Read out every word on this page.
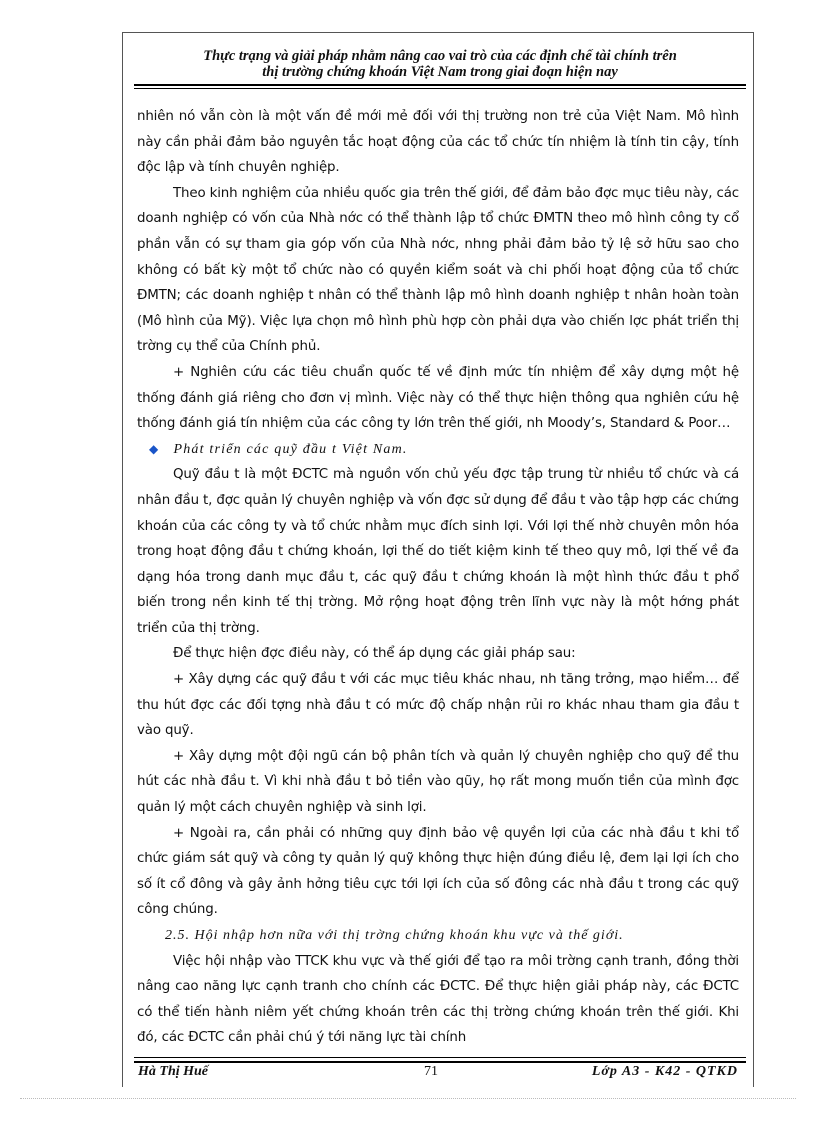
Thực trạng và giải pháp nhằm nâng cao vai trò của các định chế tài chính trên
thị trường chứng khoán Việt Nam trong giai đoạn hiện nay

nhiên nó vẫn còn là một vấn đề mới mẻ đối với thị trường non trẻ của Việt Nam. Mô hình này cần phải đảm bảo nguyên tắc hoạt động của các tổ chức tín nhiệm là tính tin cậy, tính độc lập và tính chuyên nghiệp.

Theo kinh nghiệm của nhiều quốc gia trên thế giới, để đảm bảo đợc mục tiêu này, các doanh nghiệp có vốn của Nhà nớc có thể thành lập tổ chức ĐMTN theo mô hình công ty cổ phần vẫn có sự tham gia góp vốn của Nhà nớc, nhng phải đảm bảo tỷ lệ sở hữu sao cho không có bất kỳ một tổ chức nào có quyền kiểm soát và chi phối hoạt động của tổ chức ĐMTN; các doanh nghiệp t nhân có thể thành lập mô hình doanh nghiệp t nhân hoàn toàn (Mô hình của Mỹ). Việc lựa chọn mô hình phù hợp còn phải dựa vào chiến lợc phát triển thị trờng cụ thể của Chính phủ.

+ Nghiên cứu các tiêu chuẩn quốc tế về định mức tín nhiệm để xây dựng một hệ thống đánh giá riêng cho đơn vị mình. Việc này có thể thực hiện thông qua nghiên cứu hệ thống đánh giá tín nhiệm của các công ty lớn trên thế giới, nh Moody’s, Standard & Poor…

◆ Phát triển các quỹ đầu t Việt Nam.

Quỹ đầu t là một ĐCTC mà nguồn vốn chủ yếu đợc tập trung từ nhiều tổ chức và cá nhân đầu t, đợc quản lý chuyên nghiệp và vốn đợc sử dụng để đầu t vào tập hợp các chứng khoán của các công ty và tổ chức nhằm mục đích sinh lợi. Với lợi thế nhờ chuyên môn hóa trong hoạt động đầu t chứng khoán, lợi thế do tiết kiệm kinh tế theo quy mô, lợi thế về đa dạng hóa trong danh mục đầu t, các quỹ đầu t chứng khoán là một hình thức đầu t phổ biến trong nền kinh tế thị trờng. Mở rộng hoạt động trên lĩnh vực này là một hớng phát triển của thị trờng.

Để thực hiện đợc điều này, có thể áp dụng các giải pháp sau:

+ Xây dựng các quỹ đầu t với các mục tiêu khác nhau, nh tăng trởng, mạo hiểm… để thu hút đợc các đối tợng nhà đầu t có mức độ chấp nhận rủi ro khác nhau tham gia đầu t vào quỹ.

+ Xây dựng một đội ngũ cán bộ phân tích và quản lý chuyên nghiệp cho quỹ để thu hút các nhà đầu t. Vì khi nhà đầu t bỏ tiền vào qũy, họ rất mong muốn tiền của mình đợc quản lý một cách chuyên nghiệp và sinh lợi.

+ Ngoài ra, cần phải có những quy định bảo vệ quyền lợi của các nhà đầu t khi tổ chức giám sát quỹ và công ty quản lý quỹ không thực hiện đúng điều lệ, đem lại lợi ích cho số ít cổ đông và gây ảnh hởng tiêu cực tới lợi ích của số đông các nhà đầu t trong các quỹ công chúng.

2.5. Hội nhập hơn nữa với thị trờng chứng khoán khu vực và thế giới.

Việc hội nhập vào TTCK khu vực và thế giới để tạo ra môi trờng cạnh tranh, đồng thời nâng cao năng lực cạnh tranh cho chính các ĐCTC. Để thực hiện giải pháp này, các ĐCTC có thể tiến hành niêm yết chứng khoán trên các thị trờng chứng khoán trên thế giới. Khi đó, các ĐCTC cần phải chú ý tới năng lực tài chính

Hà Thị Huế	71	Lớp A3 - K42 - QTKD
